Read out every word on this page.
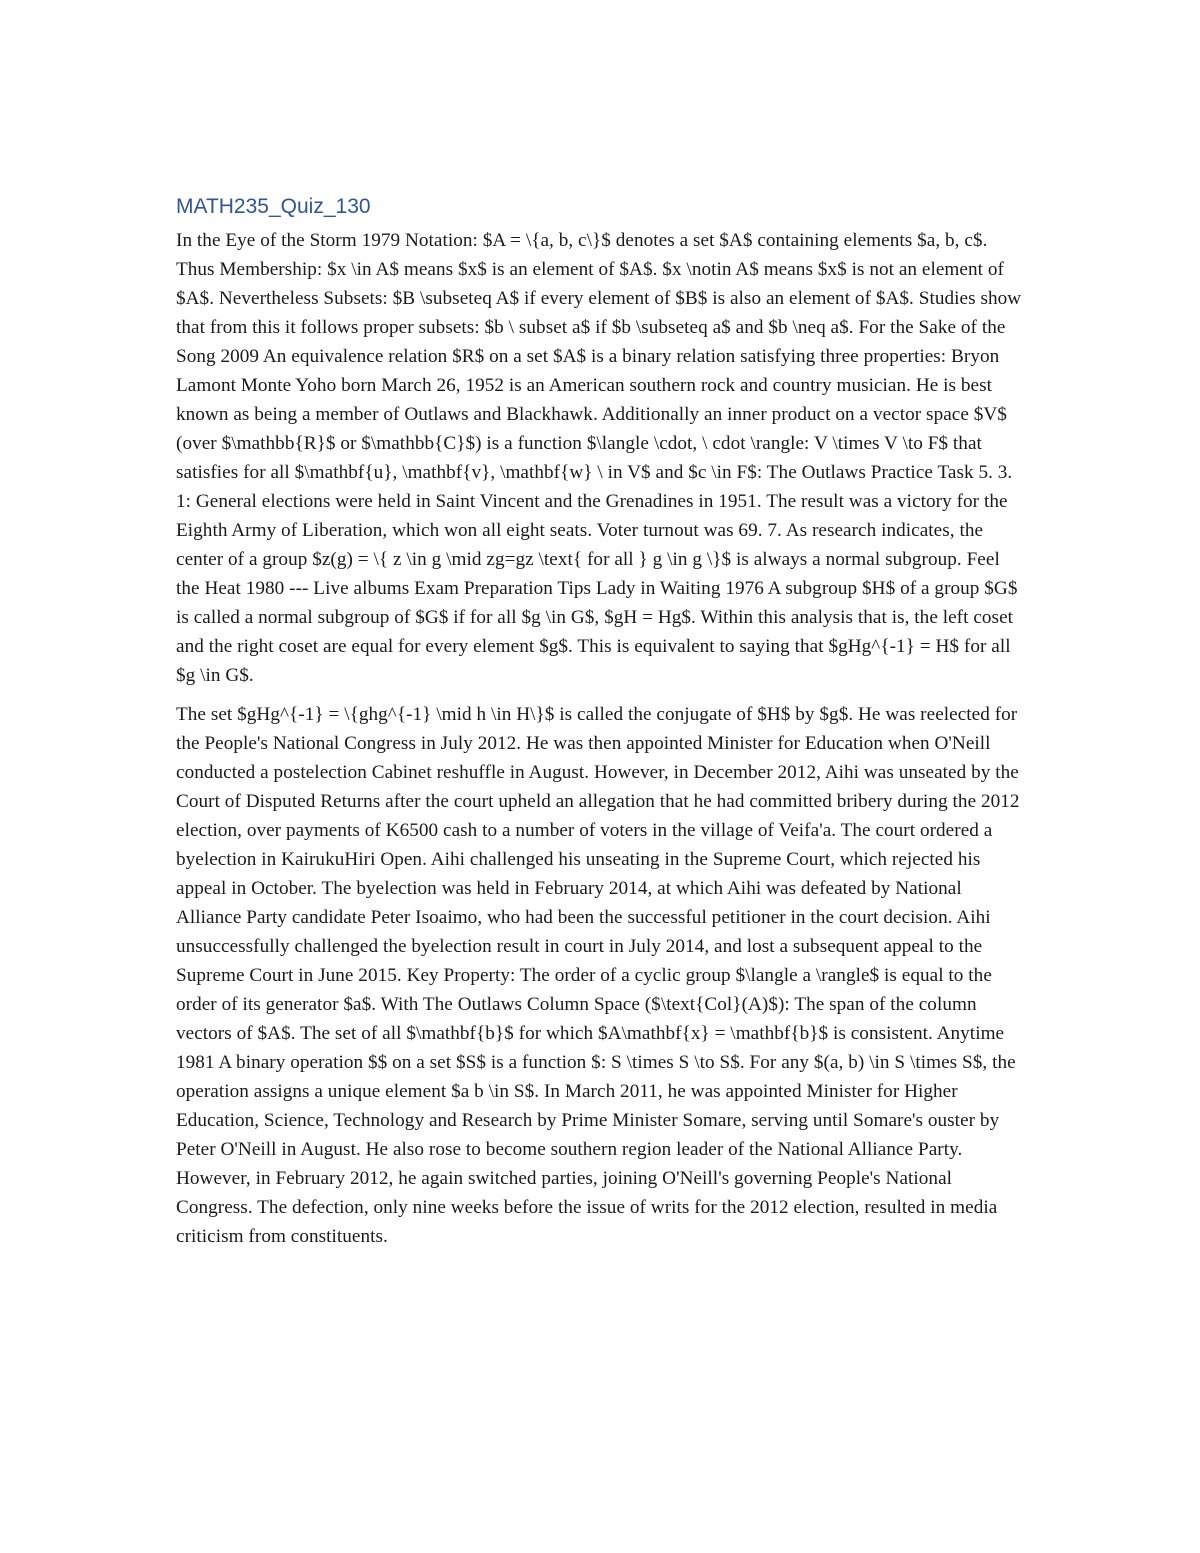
MATH235_Quiz_130

In the Eye of the Storm 1979 Notation: $A = \{a, b, c\}$ denotes a set $A$ containing elements $a, b, c$. Thus Membership: $x \in A$ means $x$ is an element of $A$. $x \notin A$ means $x$ is not an element of $A$. Nevertheless Subsets: $B \subseteq A$ if every element of $B$ is also an element of $A$. Studies show that from this it follows proper subsets: $b \ subset a$ if $b \subseteq a$ and $b \neq a$. For the Sake of the Song 2009 An equivalence relation $R$ on a set $A$ is a binary relation satisfying three properties: Bryon Lamont Monte Yoho born March 26, 1952 is an American southern rock and country musician. He is best known as being a member of Outlaws and Blackhawk. Additionally an inner product on a vector space $V$ (over $\mathbb{R}$ or $\mathbb{C}$) is a function $\langle \cdot, \ cdot \rangle: V \times V \to F$ that satisfies for all $\mathbf{u}, \mathbf{v}, \mathbf{w} \ in V$ and $c \in F$: The Outlaws Practice Task 5. 3. 1: General elections were held in Saint Vincent and the Grenadines in 1951. The result was a victory for the Eighth Army of Liberation, which won all eight seats. Voter turnout was 69. 7. As research indicates, the center of a group $z(g) = \{ z \in g \mid zg=gz \text{ for all } g \in g \}$ is always a normal subgroup. Feel the Heat 1980 --- Live albums Exam Preparation Tips Lady in Waiting 1976 A subgroup $H$ of a group $G$ is called a normal subgroup of $G$ if for all $g \in G$, $gH = Hg$. Within this analysis that is, the left coset and the right coset are equal for every element $g$. This is equivalent to saying that $gHg^{-1} = H$ for all $g \in G$.

The set $gHg^{-1} = \{ghg^{-1} \mid h \in H\}$ is called the conjugate of $H$ by $g$. He was reelected for the People's National Congress in July 2012. He was then appointed Minister for Education when O'Neill conducted a postelection Cabinet reshuffle in August. However, in December 2012, Aihi was unseated by the Court of Disputed Returns after the court upheld an allegation that he had committed bribery during the 2012 election, over payments of K6500 cash to a number of voters in the village of Veifa'a. The court ordered a byelection in KairukuHiri Open. Aihi challenged his unseating in the Supreme Court, which rejected his appeal in October. The byelection was held in February 2014, at which Aihi was defeated by National Alliance Party candidate Peter Isoaimo, who had been the successful petitioner in the court decision. Aihi unsuccessfully challenged the byelection result in court in July 2014, and lost a subsequent appeal to the Supreme Court in June 2015. Key Property: The order of a cyclic group $\langle a \rangle$ is equal to the order of its generator $a$. With The Outlaws Column Space ($\text{Col}(A)$): The span of the column vectors of $A$. The set of all $\mathbf{b}$ for which $A\mathbf{x} = \mathbf{b}$ is consistent. Anytime 1981 A binary operation $$ on a set $S$ is a function $: S \times S \to S$. For any $(a, b) \in S \times S$, the operation assigns a unique element $a b \in S$. In March 2011, he was appointed Minister for Higher Education, Science, Technology and Research by Prime Minister Somare, serving until Somare's ouster by Peter O'Neill in August. He also rose to become southern region leader of the National Alliance Party. However, in February 2012, he again switched parties, joining O'Neill's governing People's National Congress. The defection, only nine weeks before the issue of writs for the 2012 election, resulted in media criticism from constituents.
